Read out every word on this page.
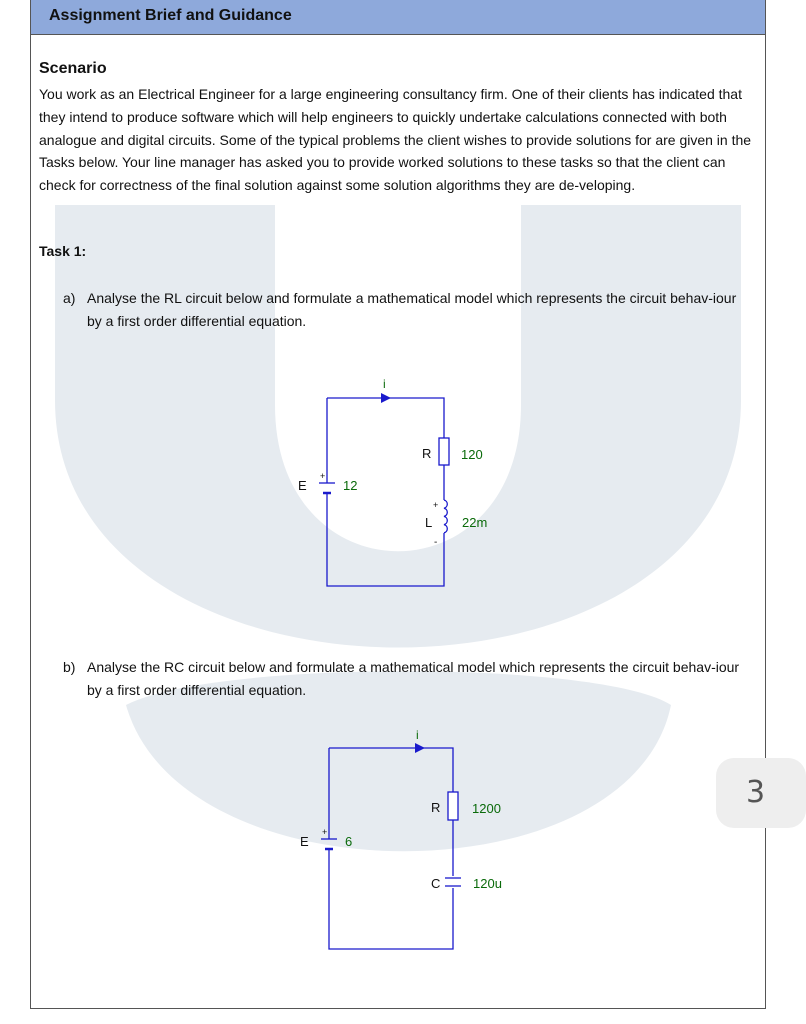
Assignment Brief and Guidance
Scenario

You work as an Electrical Engineer for a large engineering consultancy firm. One of their clients has indicated that they intend to produce software which will help engineers to quickly undertake calculations connected with both analogue and digital circuits. Some of the typical problems the client wishes to provide solutions for are given in the Tasks below. Your line manager has asked you to provide worked solutions to these tasks so that the client can check for correctness of the final solution against some solution algorithms they are de-veloping.

Task 1:
a) Analyse the RL circuit below and formulate a mathematical model which represents the circuit behav-iour by a first order differential equation.

i
R 120
+
-
L 22m
+
E	12
b) Analyse the RC circuit below and formulate a mathematical model which represents the circuit behav-iour by a first order differential equation.

i
R 1200
C	120u
+
E	6
3
